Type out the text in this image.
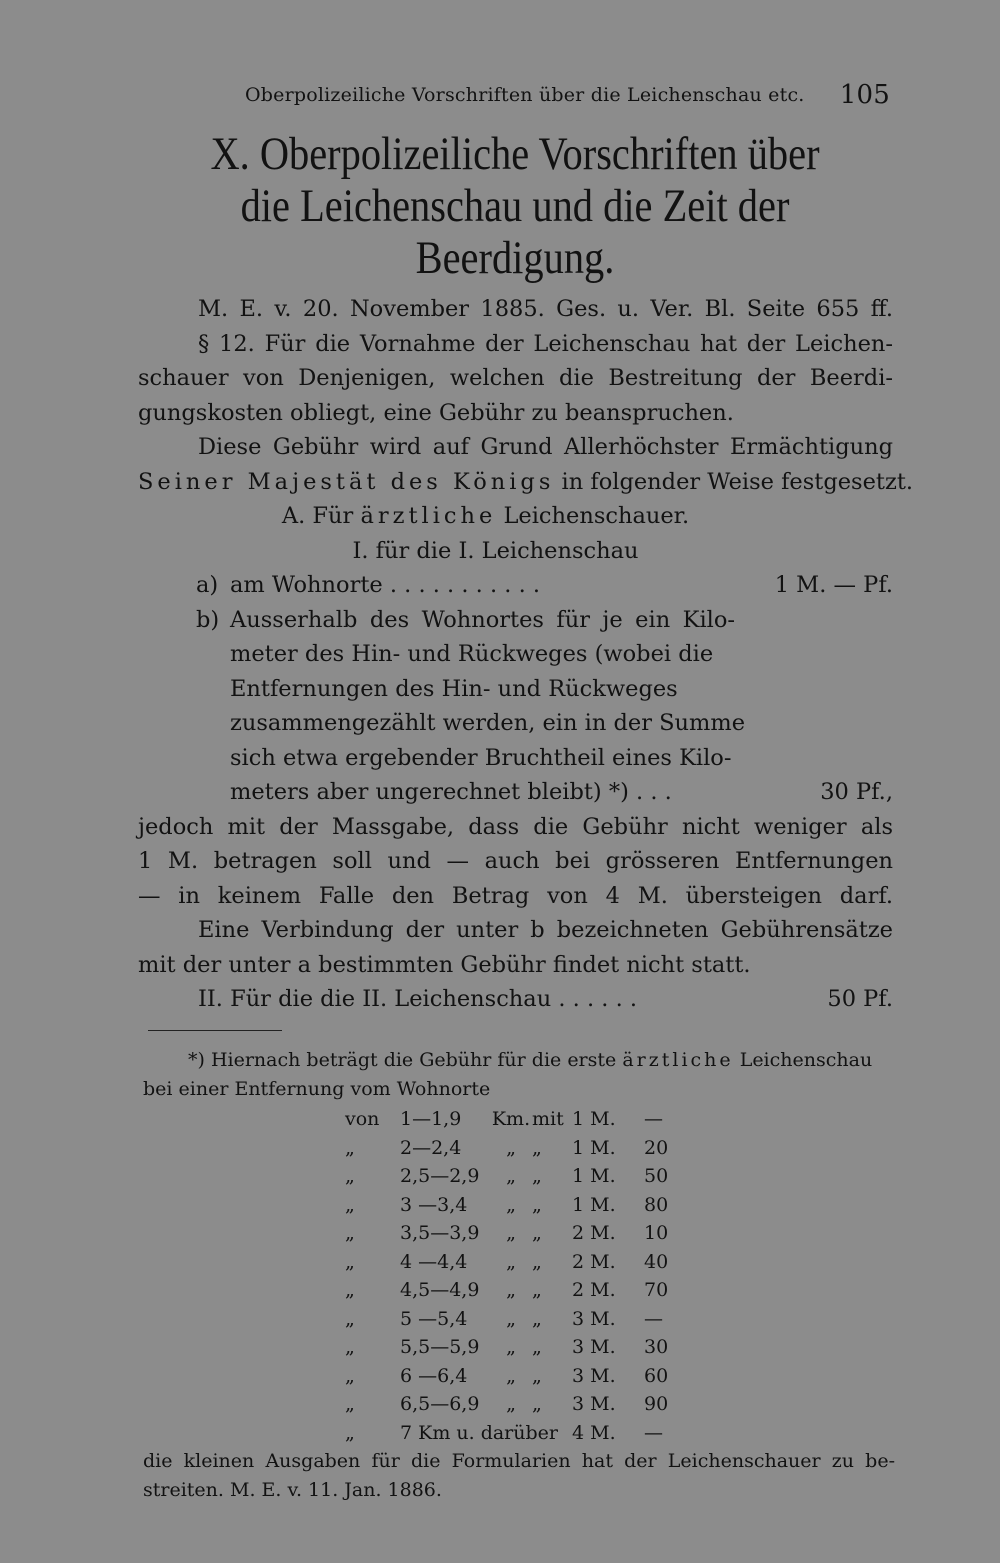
Oberpolizeiliche Vorschriften über die Leichenschau etc. 105
X. Oberpolizeiliche Vorschriften über
die Leichenschau und die Zeit der
Beerdigung.
M. E. v. 20. November 1885. Ges. u. Ver. Bl. Seite 655 ff.
§ 12. Für die Vornahme der Leichenschau hat der Leichen-
schauer von Denjenigen, welchen die Bestreitung der Beerdi-
gungskosten obliegt, eine Gebühr zu beanspruchen.
Diese Gebühr wird auf Grund Allerhöchster Ermächtigung
Seiner Majestät des Königs in folgender Weise festgesetzt.
A. Für ärztliche Leichenschauer.
I. für die I. Leichenschau
a) am Wohnorte . . . . . . . . . . .	1 M. — Pf.
b) Ausserhalb des Wohnortes für je ein Kilo-
meter des Hin- und Rückweges (wobei die
Entfernungen des Hin- und Rückweges
zusammengezählt werden, ein in der Summe
sich etwa ergebender Bruchtheil eines Kilo-
meters aber ungerechnet bleibt) *) . . .	30 Pf.,
jedoch mit der Massgabe, dass die Gebühr nicht weniger als
1 M. betragen soll und — auch bei grösseren Entfernungen
— in keinem Falle den Betrag von 4 M. übersteigen darf.
Eine Verbindung der unter b bezeichneten Gebührensätze
mit der unter a bestimmten Gebühr findet nicht statt.
II. Für die die II. Leichenschau . . . . . .	50 Pf.
*) Hiernach beträgt die Gebühr für die erste ärztliche Leichenschau
bei einer Entfernung vom Wohnorte
von	1—1,9	Km.	mit	1 M.	—
„	2—2,4	„	„	1 M.	20
„	2,5—2,9	„	„	1 M.	50
„	3 —3,4	„	„	1 M.	80
„	3,5—3,9	„	„	2 M.	10
„	4 —4,4	„	„	2 M.	40
„	4,5—4,9	„	„	2 M.	70
„	5 —5,4	„	„	3 M.	—
„	5,5—5,9	„	„	3 M.	30
„	6 —6,4	„	„	3 M.	60
„	6,5—6,9	„	„	3 M.	90
„	7 Km u. darüber			4 M.	—
die kleinen Ausgaben für die Formularien hat der Leichenschauer zu be-
streiten. M. E. v. 11. Jan. 1886.
